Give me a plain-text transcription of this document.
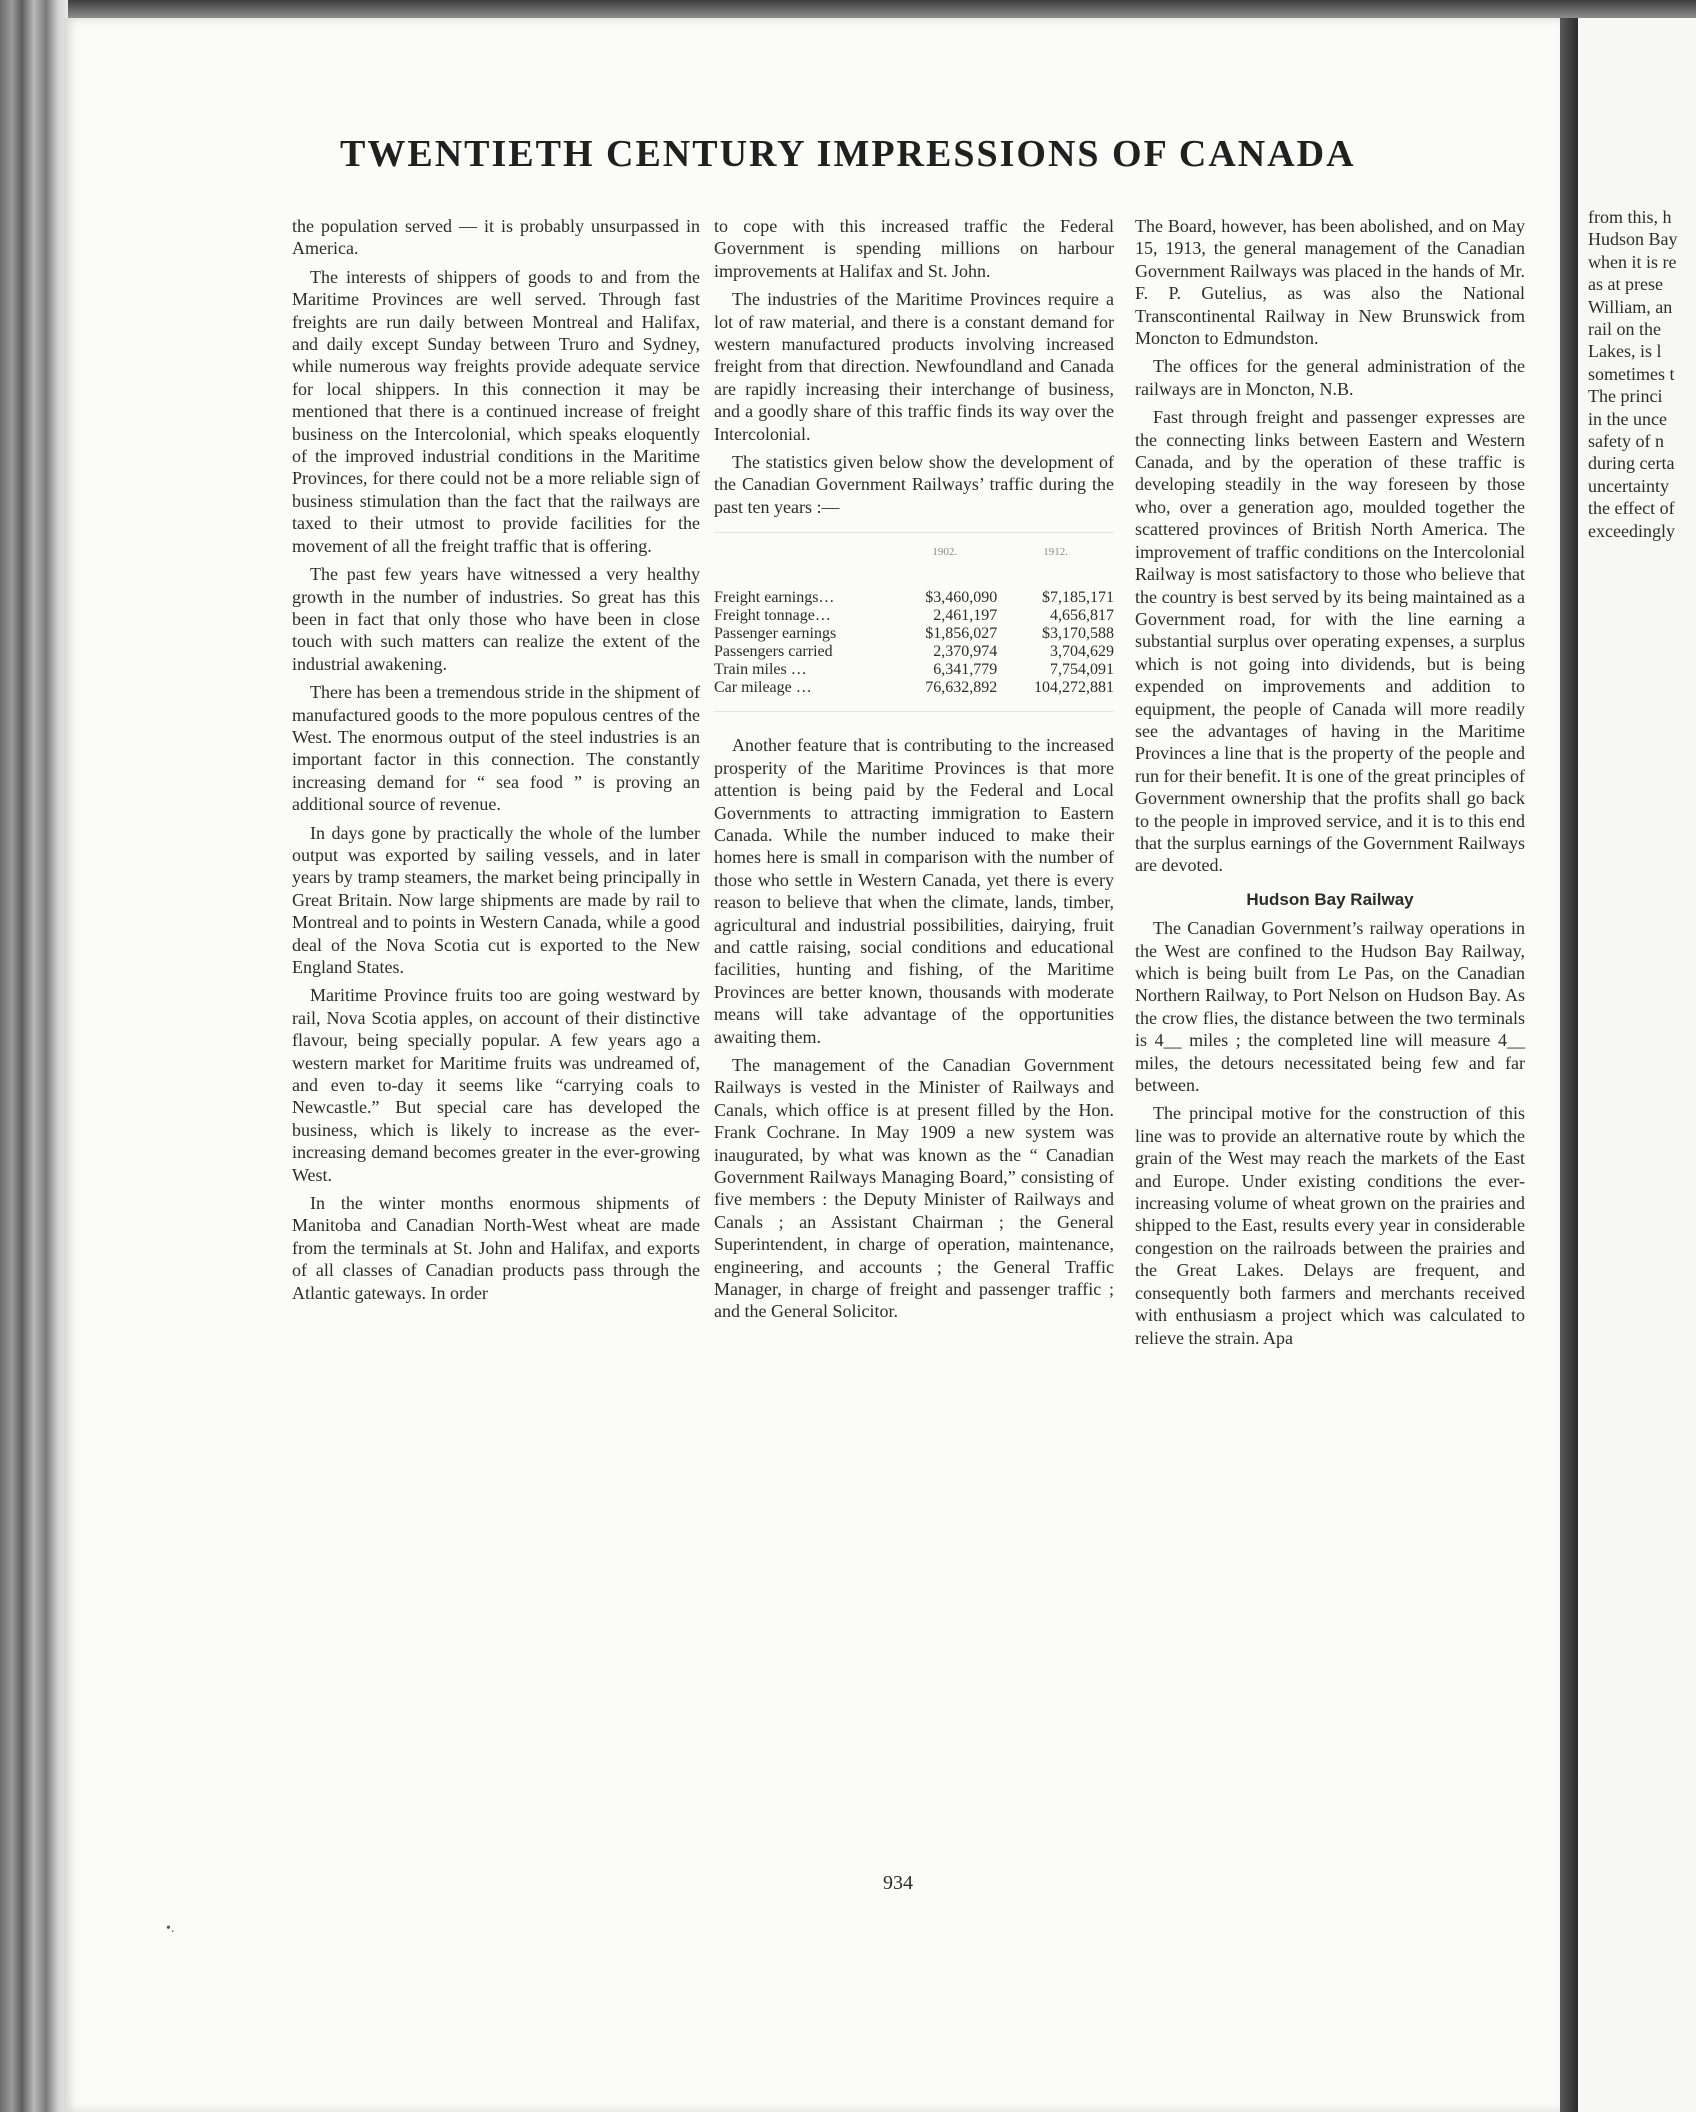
from this, h

Hudson Bay

when it is re

as at prese

William, an

rail on the

Lakes, is l

sometimes t

The princi

in the unce

safety of n

during certa

uncertainty

the effect of

exceedingly

TWENTIETH CENTURY IMPRESSIONS OF CANADA

the population served — it is probably unsurpassed in America.

The interests of shippers of goods to and from the Maritime Provinces are well served. Through fast freights are run daily between Montreal and Halifax, and daily except Sunday between Truro and Sydney, while numerous way freights provide adequate service for local shippers. In this connection it may be mentioned that there is a continued increase of freight business on the Intercolonial, which speaks eloquently of the improved industrial conditions in the Maritime Provinces, for there could not be a more reliable sign of business stimulation than the fact that the railways are taxed to their utmost to provide facilities for the movement of all the freight traffic that is offering.

The past few years have witnessed a very healthy growth in the number of industries. So great has this been in fact that only those who have been in close touch with such matters can realize the extent of the industrial awakening.

There has been a tremendous stride in the shipment of manufactured goods to the more populous centres of the West. The enormous output of the steel industries is an important factor in this connection. The constantly increasing demand for “ sea food ” is proving an additional source of revenue.

In days gone by practically the whole of the lumber output was exported by sailing vessels, and in later years by tramp steamers, the market being principally in Great Britain. Now large shipments are made by rail to Montreal and to points in Western Canada, while a good deal of the Nova Scotia cut is exported to the New England States.

Maritime Province fruits too are going westward by rail, Nova Scotia apples, on account of their distinctive flavour, being specially popular. A few years ago a western market for Maritime fruits was undreamed of, and even to-day it seems like “carrying coals to Newcastle.” But special care has developed the business, which is likely to increase as the ever-increasing demand becomes greater in the ever-growing West.

In the winter months enormous shipments of Manitoba and Canadian North-West wheat are made from the terminals at St. John and Halifax, and exports of all classes of Canadian products pass through the Atlantic gateways. In order

to cope with this increased traffic the Federal Government is spending millions on harbour improvements at Halifax and St. John.

The industries of the Maritime Provinces require a lot of raw material, and there is a constant demand for western manufactured products involving increased freight from that direction. Newfoundland and Canada are rapidly increasing their interchange of business, and a goodly share of this traffic finds its way over the Intercolonial.

The statistics given below show the development of the Canadian Government Railways’ traffic during the past ten years :—

	1902.	1912.
Freight earnings…	$3,460,090	$7,185,171
Freight tonnage…	2,461,197	4,656,817
Passenger earnings	$1,856,027	$3,170,588
Passengers carried	2,370,974	3,704,629
Train miles …	6,341,779	7,754,091
Car mileage …	76,632,892	104,272,881

Another feature that is contributing to the increased prosperity of the Maritime Provinces is that more attention is being paid by the Federal and Local Governments to attracting immigration to Eastern Canada. While the number induced to make their homes here is small in comparison with the number of those who settle in Western Canada, yet there is every reason to believe that when the climate, lands, timber, agricultural and industrial possibilities, dairying, fruit and cattle raising, social conditions and educational facilities, hunting and fishing, of the Maritime Provinces are better known, thousands with moderate means will take advantage of the opportunities awaiting them.

The management of the Canadian Government Railways is vested in the Minister of Railways and Canals, which office is at present filled by the Hon. Frank Cochrane. In May 1909 a new system was inaugurated, by what was known as the “ Canadian Government Railways Managing Board,” consisting of five members : the Deputy Minister of Railways and Canals ; an Assistant Chairman ; the General Superintendent, in charge of operation, maintenance, engineering, and accounts ; the General Traffic Manager, in charge of freight and passenger traffic ; and the General Solicitor.

The Board, however, has been abolished, and on May 15, 1913, the general management of the Canadian Government Railways was placed in the hands of Mr. F. P. Gutelius, as was also the National Transcontinental Railway in New Brunswick from Moncton to Edmundston.

The offices for the general administration of the railways are in Moncton, N.B.

Fast through freight and passenger expresses are the connecting links between Eastern and Western Canada, and by the operation of these traffic is developing steadily in the way foreseen by those who, over a generation ago, moulded together the scattered provinces of British North America. The improvement of traffic conditions on the Intercolonial Railway is most satisfactory to those who believe that the country is best served by its being maintained as a Government road, for with the line earning a substantial surplus over operating expenses, a surplus which is not going into dividends, but is being expended on improvements and addition to equipment, the people of Canada will more readily see the advantages of having in the Maritime Provinces a line that is the property of the people and run for their benefit. It is one of the great principles of Government ownership that the profits shall go back to the people in improved service, and it is to this end that the surplus earnings of the Government Railways are devoted.

Hudson Bay Railway

The Canadian Government’s railway operations in the West are confined to the Hudson Bay Railway, which is being built from Le Pas, on the Canadian Northern Railway, to Port Nelson on Hudson Bay. As the crow flies, the distance between the two terminals is 4__ miles ; the completed line will measure 4__ miles, the detours necessitated being few and far between.

The principal motive for the construction of this line was to provide an alternative route by which the grain of the West may reach the markets of the East and Europe. Under existing conditions the ever-increasing volume of wheat grown on the prairies and shipped to the East, results every year in considerable congestion on the railroads between the prairies and the Great Lakes. Delays are frequent, and consequently both farmers and merchants received with enthusiasm a project which was calculated to relieve the strain. Apa

934
•.
